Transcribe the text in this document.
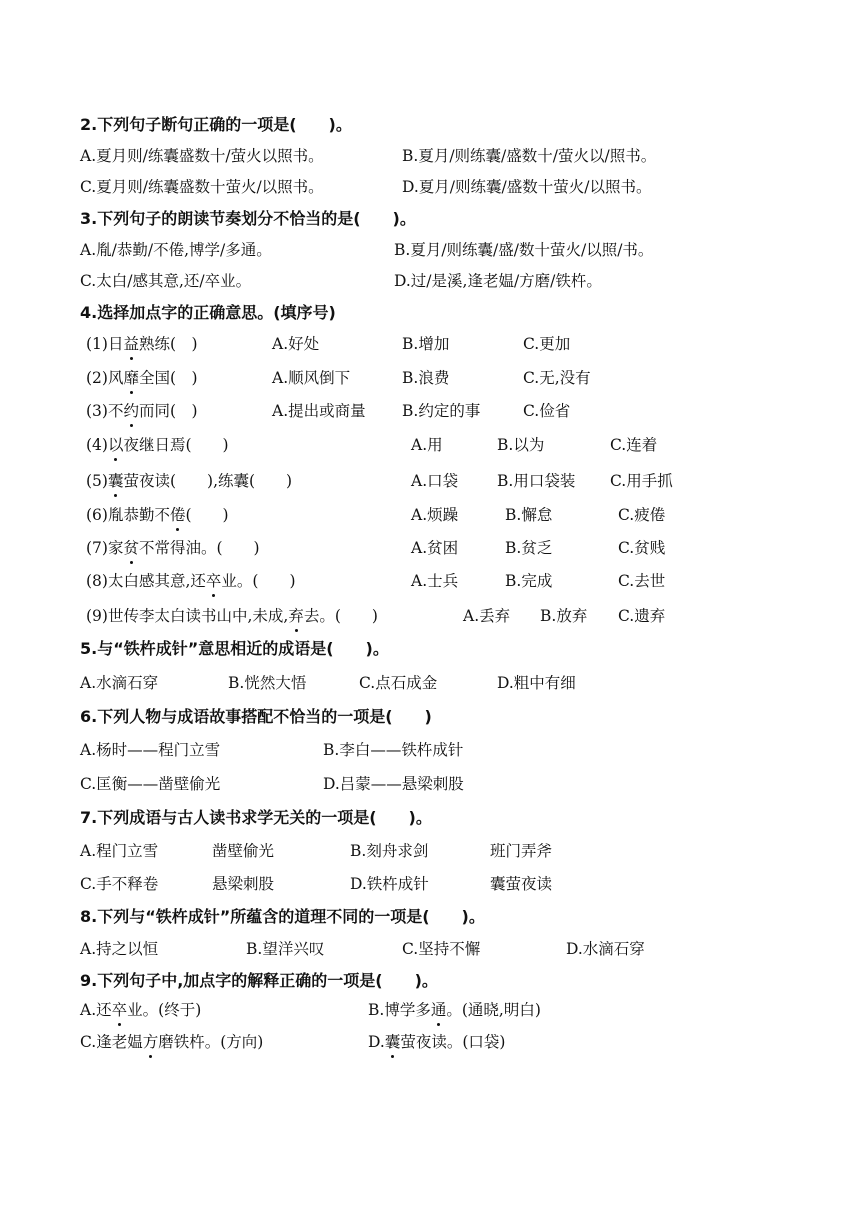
2.下列句子断句正确的一项是(　　)。
A.夏月则/练囊盛数十/萤火以照书。	B.夏月/则练囊/盛数十/萤火以/照书。
C.夏月则/练囊盛数十萤火/以照书。	D.夏月/则练囊/盛数十萤火/以照书。
3.下列句子的朗读节奏划分不恰当的是(　　)。
A.胤/恭勤/不倦,博学/多通。	B.夏月/则练囊/盛/数十萤火/以照/书。
C.太白/感其意,还/卒业。	D.过/是溪,逢老媪/方磨/铁杵。
4.选择加点字的正确意思。(填序号)
(1)日益熟练(　)	A.好处	B.增加	C.更加
(2)风靡全国(　)	A.顺风倒下	B.浪费	C.无,没有
(3)不约而同(　)	A.提出或商量 B.约定的事	C.俭省
(4)以夜继日焉(　　)	A.用	B.以为	C.连着
(5)囊萤夜读(　　),练囊(　　)	A.口袋	B.用口袋装 C.用手抓
(6)胤恭勤不倦(　　)	A.烦躁	B.懈怠	C.疲倦
(7)家贫不常得油。(　　)	A.贫困	B.贫乏	C.贫贱
(8)太白感其意,还卒业。(　　)	A.士兵	B.完成	C.去世
(9)世传李太白读书山中,未成,弃去。(　　)	A.丢弃 B.放弃 C.遗弃
5.与“铁杵成针”意思相近的成语是(　　)。
A.水滴石穿	B.恍然大悟	C.点石成金	D.粗中有细
6.下列人物与成语故事搭配不恰当的一项是(　　)
A.杨时——程门立雪	B.李白——铁杵成针
C.匡衡——凿壁偷光	D.吕蒙——悬梁刺股
7.下列成语与古人读书求学无关的一项是(　　)。
A.程门立雪	凿壁偷光	B.刻舟求剑	班门弄斧
C.手不释卷	悬梁刺股	D.铁杵成针	囊萤夜读
8.下列与“铁杵成针”所蕴含的道理不同的一项是(　　)。
A.持之以恒	B.望洋兴叹	C.坚持不懈	D.水滴石穿
9.下列句子中,加点字的解释正确的一项是(　　)。
A.还卒业。(终于)	B.博学多通。(通晓,明白)
C.逢老媪方磨铁杵。(方向)	D.囊萤夜读。(口袋)
